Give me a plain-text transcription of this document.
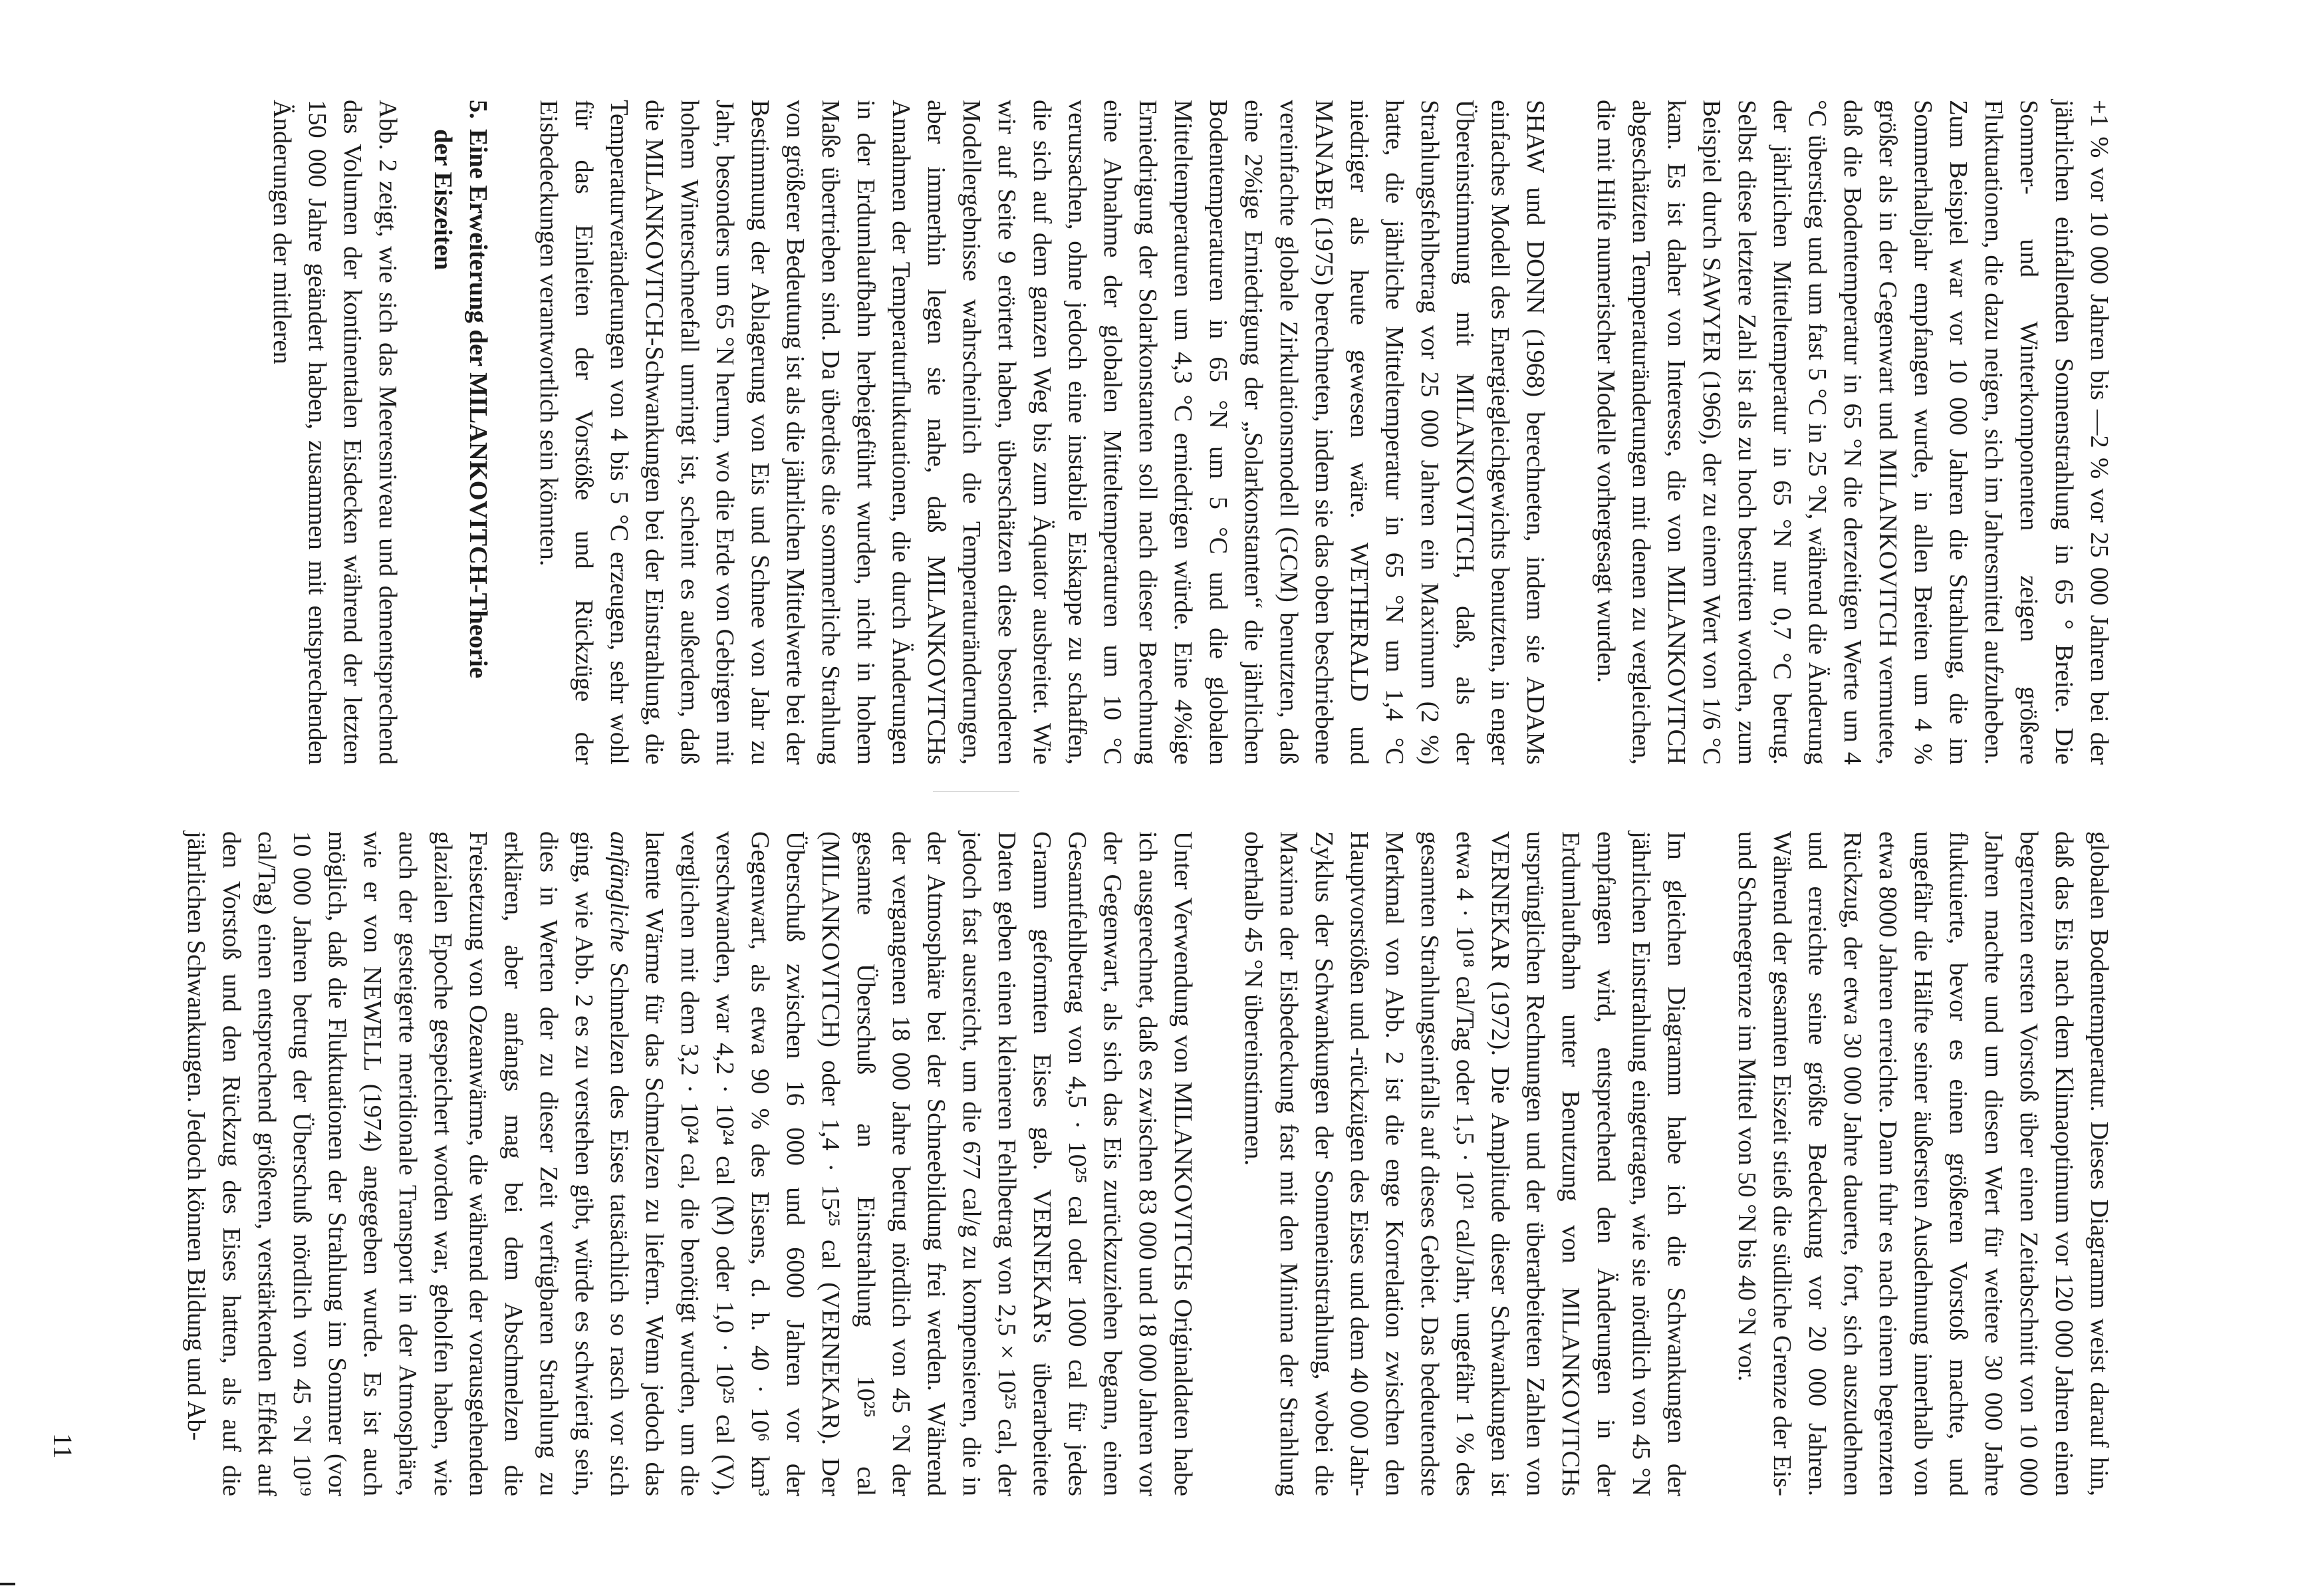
+1 % vor 10 000 Jahren bis —2 % vor 25 000 Jahren bei der jährlichen einfallenden Sonnenstrahlung in 65 ° Breite. Die Sommer- und Winterkomponenten zeigen größere Fluktuationen, die dazu neigen, sich im Jahresmittel aufzuheben. Zum Beispiel war vor 10 000 Jahren die Strahlung, die im Sommerhalbjahr empfangen wurde, in allen Breiten um 4 % größer als in der Gegenwart und MILANKOVITCH vermutete, daß die Bodentemperatur in 65 °N die derzeitigen Werte um 4 °C überstieg und um fast 5 °C in 25 °N, während die Änderung der jährlichen Mitteltemperatur in 65 °N nur 0,7 °C betrug. Selbst diese letztere Zahl ist als zu hoch bestritten worden, zum Beispiel durch SAWYER (1966), der zu einem Wert von 1/6 °C kam. Es ist daher von Interesse, die von MILANKOVITCH abgeschätzten Temperaturänderungen mit denen zu vergleichen, die mit Hilfe numerischer Modelle vorhergesagt wurden.

SHAW und DONN (1968) berechneten, indem sie ADAMs einfaches Modell des Energiegleichgewichts benutzten, in enger Übereinstimmung mit MILANKOVITCH, daß, als der Strahlungsfehlbetrag vor 25 000 Jahren ein Maximum (2 %) hatte, die jährliche Mitteltemperatur in 65 °N um 1,4 °C niedriger als heute gewesen wäre. WETHERALD und MANABE (1975) berechneten, indem sie das oben beschriebene vereinfachte globale Zirkulationsmodell (GCM) benutzten, daß eine 2%ige Erniedrigung der „Solarkonstanten“ die jährlichen Bodentemperaturen in 65 °N um 5 °C und die globalen Mitteltemperaturen um 4,3 °C erniedrigen würde. Eine 4%ige Erniedrigung der Solarkonstanten soll nach dieser Berechnung eine Abnahme der globalen Mitteltemperaturen um 10 °C verursachen, ohne jedoch eine instabile Eiskappe zu schaffen, die sich auf dem ganzen Weg bis zum Äquator ausbreitet. Wie wir auf Seite 9 erörtert haben, überschätzen diese besonderen Modellergebnisse wahrscheinlich die Temperaturänderungen, aber immerhin legen sie nahe, daß MILANKOVITCHs Annahmen der Temperaturfluktuationen, die durch Änderungen in der Erdumlaufbahn herbeigeführt wurden, nicht in hohem Maße übertrieben sind. Da überdies die sommerliche Strahlung von größerer Bedeutung ist als die jährlichen Mittelwerte bei der Bestimmung der Ablagerung von Eis und Schnee von Jahr zu Jahr, besonders um 65 °N herum, wo die Erde von Gebirgen mit hohem Winterschneefall umringt ist, scheint es außerdem, daß die MILANKOVITCH-Schwankungen bei der Einstrahlung, die Temperaturveränderungen von 4 bis 5 °C erzeugen, sehr wohl für das Einleiten der Vorstöße und Rückzüge der Eisbedeckungen verantwortlich sein könnten.

5.Eine Erweiterung der MILANKOVITCH-Theorie
der Eiszeiten

Abb. 2 zeigt, wie sich das Meeresniveau und dementsprechend das Volumen der kontinentalen Eisdecken während der letzten 150 000 Jahre geändert haben, zusammen mit entsprechenden Änderungen der mittleren

globalen Bodentemperatur. Dieses Diagramm weist darauf hin, daß das Eis nach dem Klimaoptimum vor 120 000 Jahren einen begrenzten ersten Vorstoß über einen Zeitabschnitt von 10 000 Jahren machte und um diesen Wert für weitere 30 000 Jahre fluktuierte, bevor es einen größeren Vorstoß machte, und ungefähr die Hälfte seiner äußersten Ausdehnung innerhalb von etwa 8000 Jahren erreichte. Dann fuhr es nach einem begrenzten Rückzug, der etwa 30 000 Jahre dauerte, fort, sich auszudehnen und erreichte seine größte Bedeckung vor 20 000 Jahren. Während der gesamten Eiszeit stieß die südliche Grenze der Eis- und Schneegrenze im Mittel von 50 °N bis 40 °N vor.

Im gleichen Diagramm habe ich die Schwankungen der jährlichen Einstrahlung eingetragen, wie sie nördlich von 45 °N empfangen wird, entsprechend den Änderungen in der Erdumlaufbahn unter Benutzung von MILANKOVITCHs ursprünglichen Rechnungen und der überarbeiteten Zahlen von VERNEKAR (1972). Die Amplitude dieser Schwankungen ist etwa 4 · 10¹⁸ cal/Tag oder 1,5 · 10²¹ cal/Jahr, ungefähr 1 % des gesamten Strahlungseinfalls auf dieses Gebiet. Das bedeutendste Merkmal von Abb. 2 ist die enge Korrelation zwischen den Hauptvorstößen und -rückzügen des Eises und dem 40 000 Jahr-Zyklus der Schwankungen der Sonneneinstrahlung, wobei die Maxima der Eisbedeckung fast mit den Minima der Strahlung oberhalb 45 °N übereinstimmen.

Unter Verwendung von MILANKOVITCHs Originaldaten habe ich ausgerechnet, daß es zwischen 83 000 und 18 000 Jahren vor der Gegenwart, als sich das Eis zurückzuziehen begann, einen Gesamtfehlbetrag von 4,5 · 10²⁵ cal oder 1000 cal für jedes Gramm geformten Eises gab. VERNEKAR's überarbeitete Daten geben einen kleineren Fehlbetrag von 2,5 × 10²⁵ cal, der jedoch fast ausreicht, um die 677 cal/g zu kompensieren, die in der Atmosphäre bei der Schneebildung frei werden. Während der vergangenen 18 000 Jahre betrug nördlich von 45 °N der gesamte Überschuß an Einstrahlung 10²⁵ cal (MILANKOVITCH) oder 1,4 · 15²⁵ cal (VERNEKAR). Der Überschuß zwischen 16 000 und 6000 Jahren vor der Gegenwart, als etwa 90 % des Eisens, d. h. 40 · 10⁶ km³ verschwanden, war 4,2 · 10²⁴ cal (M) oder 1,0 · 10²⁵ cal (V), verglichen mit dem 3,2 · 10²⁴ cal, die benötigt wurden, um die latente Wärme für das Schmelzen zu liefern. Wenn jedoch das anfängliche Schmelzen des Eises tatsächlich so rasch vor sich ging, wie Abb. 2 es zu verstehen gibt, würde es schwierig sein, dies in Werten der zu dieser Zeit verfügbaren Strahlung zu erklären, aber anfangs mag bei dem Abschmelzen die Freisetzung von Ozeanwärme, die während der vorausgehenden glazialen Epoche gespeichert worden war, geholfen haben, wie auch der gesteigerte meridionale Transport in der Atmosphäre, wie er von NEWELL (1974) angegeben wurde. Es ist auch möglich, daß die Fluktuationen der Strahlung im Sommer (vor 10 000 Jahren betrug der Überschuß nördlich von 45 °N 10¹⁹ cal/Tag) einen entsprechend größeren, verstärkenden Effekt auf den Vorstoß und den Rückzug des Eises hatten, als auf die jährlichen Schwankungen. Jedoch können Bildung und Ab-

11
